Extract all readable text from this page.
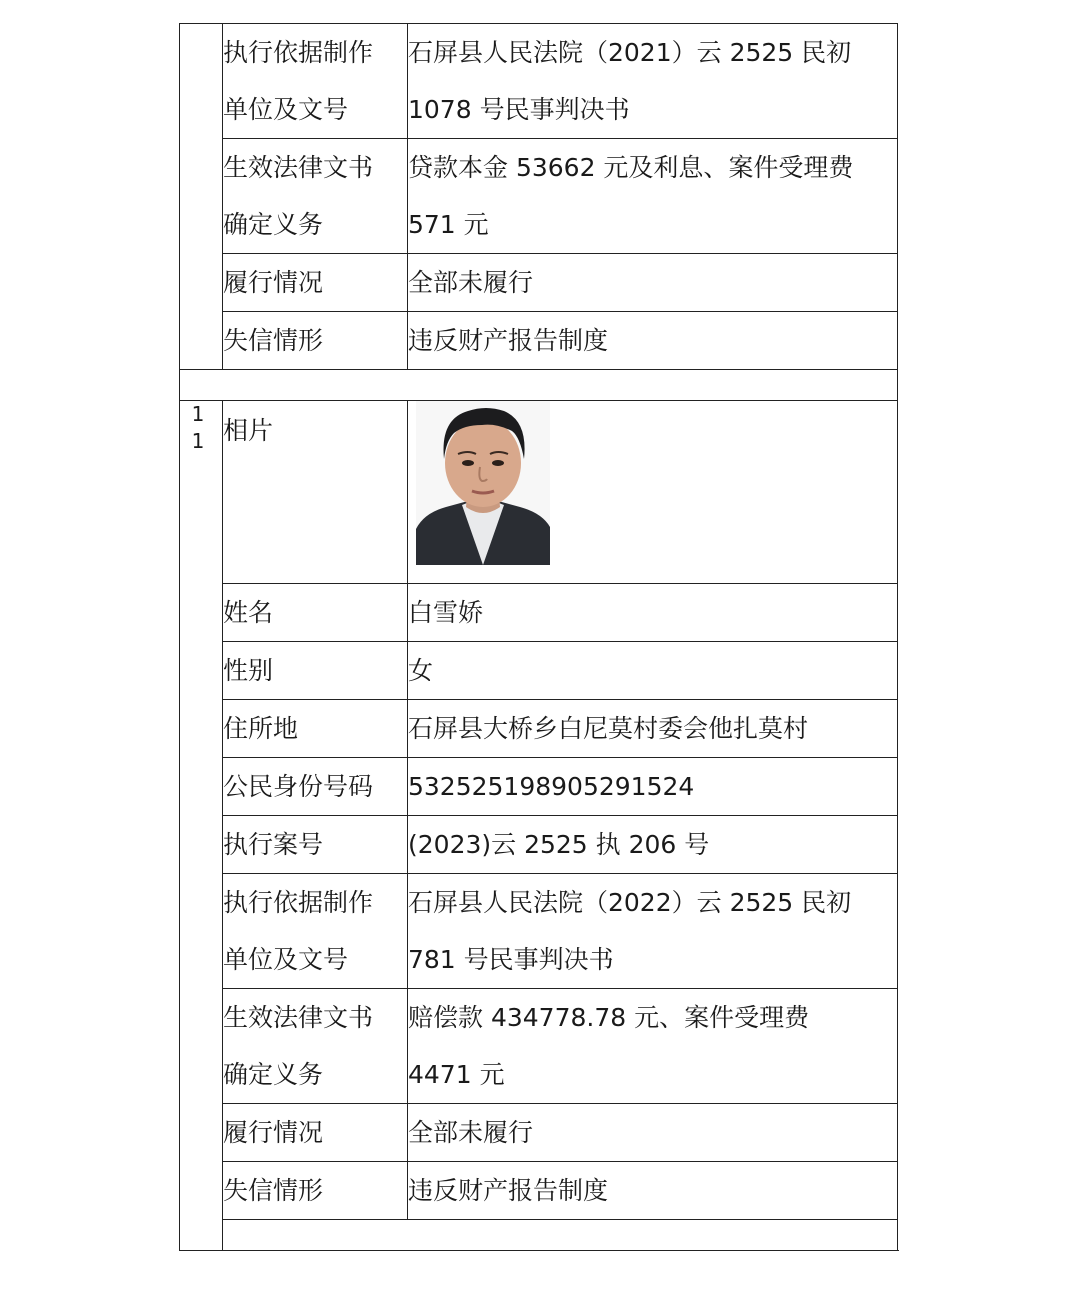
	执行依据制作
单位及文号	石屏县人民法院（2021）云 2525 民初
1078 号民事判决书

	生效法律文书
确定义务	贷款本金 53662 元及利息、案件受理费
571 元

	履行情况	全部未履行
	失信情形	违反财产报告制度

1
1	相片	

	姓名	白雪娇
	性别	女
	住所地	石屏县大桥乡白尼莫村委会他扎莫村
	公民身份号码	532525198905291524
	执行案号	(2023)云 2525 执 206 号

	执行依据制作
单位及文号	石屏县人民法院（2022）云 2525 民初
781 号民事判决书

	生效法律文书
确定义务	赔偿款 434778.78 元、案件受理费
4471 元

	履行情况	全部未履行
	失信情形	违反财产报告制度
